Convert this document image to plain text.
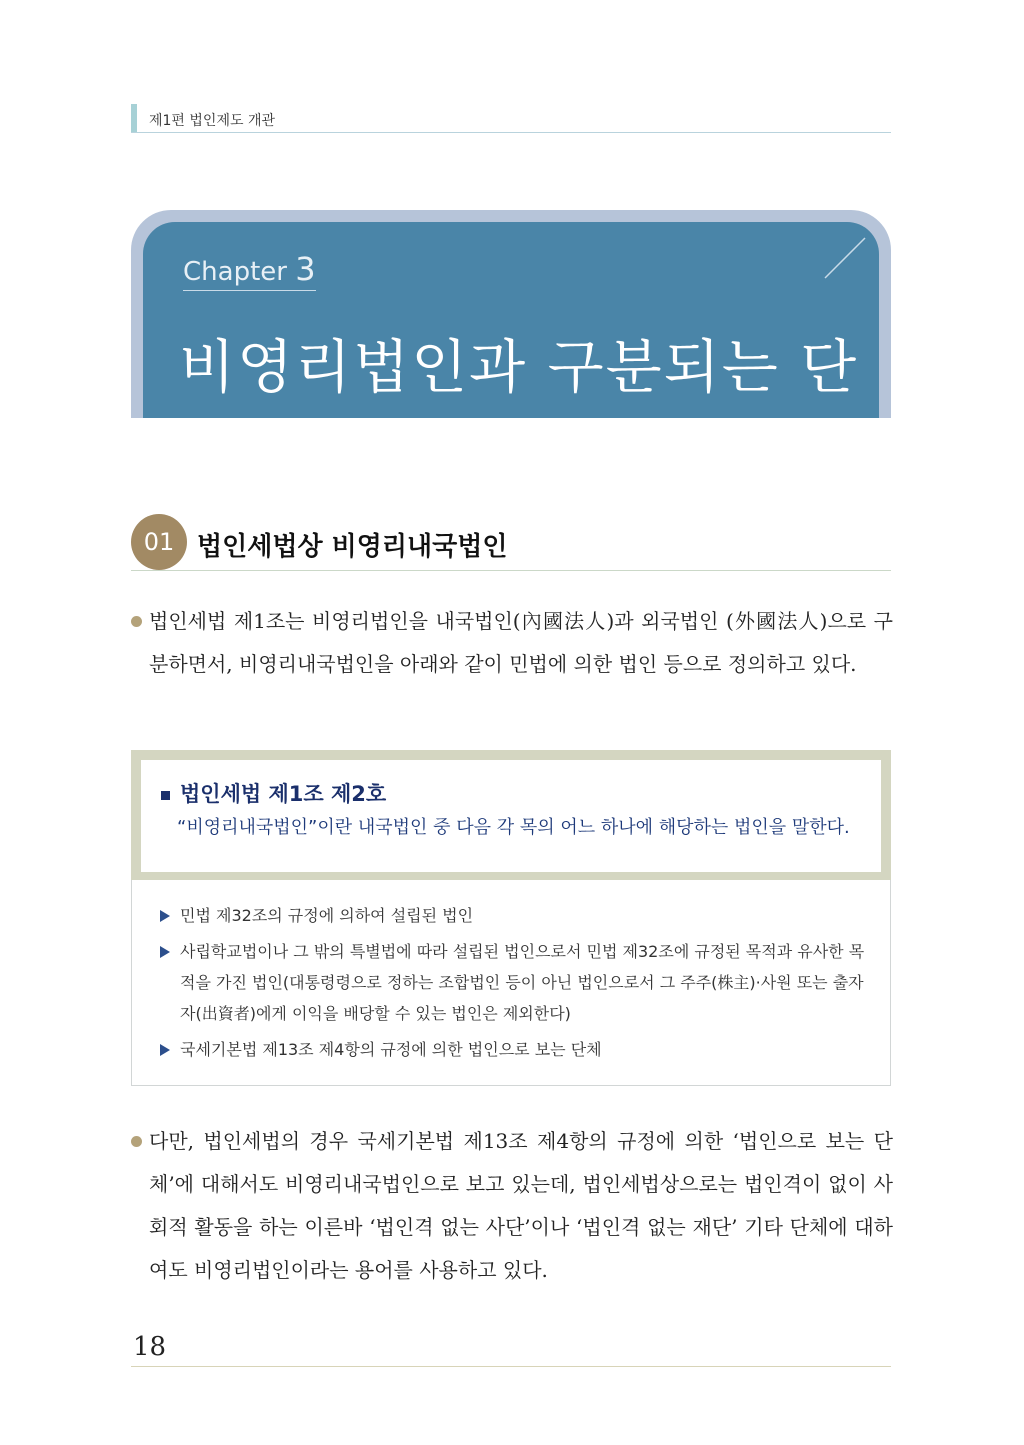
제1편 법인제도 개관
Chapter 3
비영리법인과 구분되는 단체
01 법인세법상 비영리내국법인
법인세법 제1조는 비영리법인을 내국법인(內國法人)과 외국법인 (外國法人)으로 구분하면서, 비영리내국법인을 아래와 같이 민법에 의한 법인 등으로 정의하고 있다.
법인세법 제1조 제2호
“비영리내국법인”이란 내국법인 중 다음 각 목의 어느 하나에 해당하는 법인을 말한다.
민법 제32조의 규정에 의하여 설립된 법인
사립학교법이나 그 밖의 특별법에 따라 설립된 법인으로서 민법 제32조에 규정된 목적과 유사한 목적을 가진 법인(대통령령으로 정하는 조합법인 등이 아닌 법인으로서 그 주주(株主)·사원 또는 출자자(出資者)에게 이익을 배당할 수 있는 법인은 제외한다)
국세기본법 제13조 제4항의 규정에 의한 법인으로 보는 단체
다만, 법인세법의 경우 국세기본법 제13조 제4항의 규정에 의한 ‘법인으로 보는 단체’에 대해서도 비영리내국법인으로 보고 있는데, 법인세법상으로는 법인격이 없이 사회적 활동을 하는 이른바 ‘법인격 없는 사단’이나 ‘법인격 없는 재단’ 기타 단체에 대하여도 비영리법인이라는 용어를 사용하고 있다.
18
